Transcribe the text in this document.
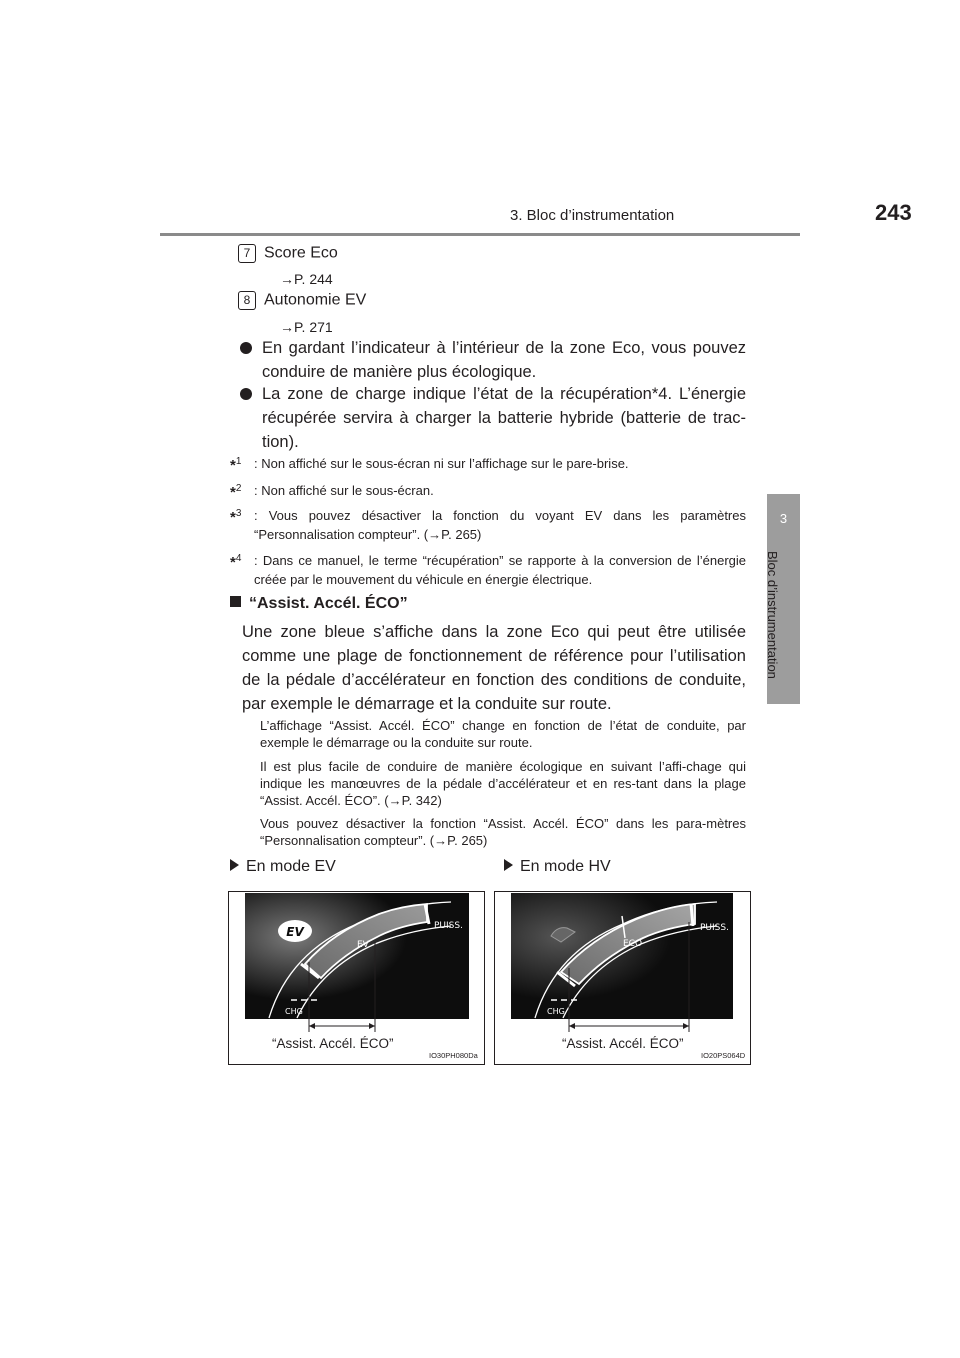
3. Bloc d’instrumentation	243
3
Bloc d’instrumentation
7 Score Eco
→P. 244
8 Autonomie EV
→P. 271
En gardant l’indicateur à l’intérieur de la zone Eco, vous pouvez conduire de manière plus écologique.
La zone de charge indique l’état de la récupération*4. L’énergie récupérée servira à charger la batterie hybride (batterie de trac-tion).
*$^1$ : Non affiché sur le sous-écran ni sur l’affichage sur le pare-brise.
*$^2$ : Non affiché sur le sous-écran.
*$^3$ : Vous pouvez désactiver la fonction du voyant EV dans les paramètres “Personnalisation compteur”. (→P. 265)
*$^4$ : Dans ce manuel, le terme “récupération” se rapporte à la conversion de l’énergie créée par le mouvement du véhicule en énergie électrique.
“Assist. Accél. ÉCO”
Une zone bleue s’affiche dans la zone Eco qui peut être utilisée comme une plage de fonctionnement de référence pour l’utilisation de la pédale d’accélérateur en fonction des conditions de conduite, par exemple le démarrage et la conduite sur route.
L’affichage “Assist. Accél. ÉCO” change en fonction de l’état de conduite, par exemple le démarrage ou la conduite sur route.
Il est plus facile de conduire de manière écologique en suivant l’affi-chage qui indique les manœuvres de la pédale d’accélérateur et en res-tant dans la plage “Assist. Accél. ÉCO”. (→P. 342)
Vous pouvez désactiver la fonction “Assist. Accél. ÉCO” dans les para-mètres “Personnalisation compteur”. (→P. 265)
En mode EV	En mode HV
EV
EV
PUISS.
CHG
“Assist. Accél. ÉCO”
IO30PH080Da
ECO
PUISS.
CHG
“Assist. Accél. ÉCO”
IO20PS064D
